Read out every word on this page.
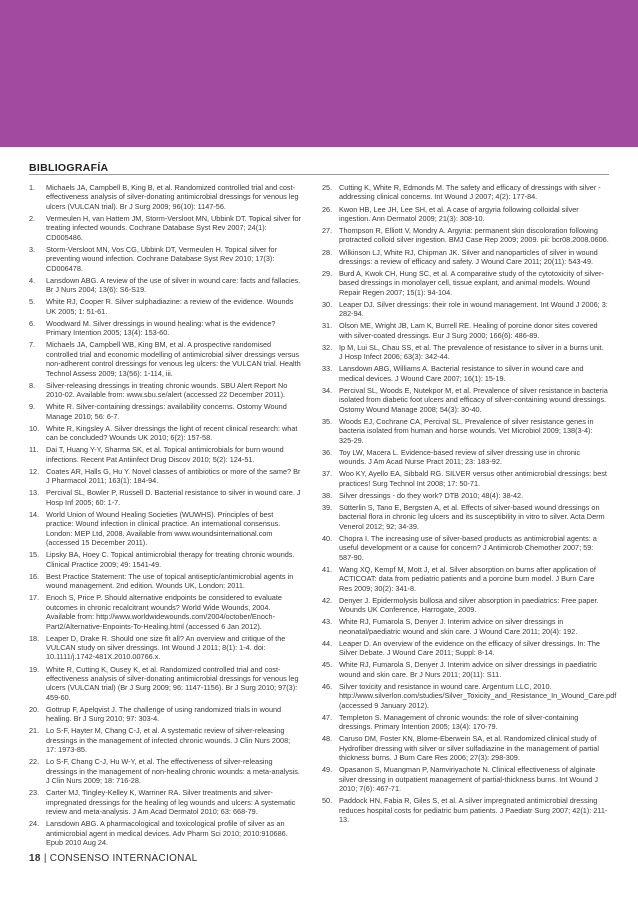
BIBLIOGRAFÍA
1.	Michaels JA, Campbell B, King B, et al. Randomized controlled trial and cost-effectiveness analysis of silver-donating antimicrobial dressings for venous leg ulcers (VULCAN trial). Br J Surg 2009; 96(10): 1147-56.
2.	Vermeulen H, van Hattem JM, Storm-Versloot MN, Ubbink DT. Topical silver for treating infected wounds. Cochrane Database Syst Rev 2007; 24(1): CD005486.
3.	Storm-Versloot MN, Vos CG, Ubbink DT, Vermeulen H. Topical silver for preventing wound infection. Cochrane Database Syst Rev 2010; 17(3): CD006478.
4.	Lansdown ABG. A review of the use of silver in wound care: facts and fallacies. Br J Nurs 2004; 13(6): S6-S19.
5.	White RJ, Cooper R. Silver sulphadiazine: a review of the evidence. Wounds UK 2005; 1: 51-61.
6.	Woodward M. Silver dressings in wound healing: what is the evidence? Primary Intention 2005; 13(4): 153-60.
7.	Michaels JA, Campbell WB, King BM, et al. A prospective randomised controlled trial and economic modelling of antimicrobial silver dressings versus non-adherent control dressings for venous leg ulcers: the VULCAN trial. Health Technol Assess 2009; 13(56): 1-114, iii.
8.	Silver-releasing dressings in treating chronic wounds. SBU Alert Report No 2010-02. Available from: www.sbu.se/alert (accessed 22 December 2011).
9.	White R. Silver-containing dressings: availability concerns. Ostomy Wound Manage 2010; 56: 6-7.
10. White R, Kingsley A. Silver dressings the light of recent clinical research: what can be concluded? Wounds UK 2010; 6(2): 157-58.
11.	Dai T, Huang Y-Y, Sharma SK, et al. Topical antimicrobials for burn wound infections. Recent Pat Antiinfect Drug Discov 2010; 5(2): 124-51.
12. Coates AR, Halls G, Hu Y. Novel classes of antibiotics or more of the same? Br J Pharmacol 2011; 163(1): 184-94.
13. Percival SL, Bowler P, Russell D. Bacterial resistance to silver in wound care. J Hosp Inf 2005; 60: 1-7.
14. World Union of Wound Healing Societies (WUWHS). Principles of best practice: Wound infection in clinical practice. An international consensus. London: MEP Ltd, 2008. Available from www.woundsinternational.com (accessed 15 December 2011).
15. Lipsky BA, Hoey C. Topical antimicrobial therapy for treating chronic wounds. Clinical Practice 2009; 49: 1541-49.
16. Best Practice Statement: The use of topical antiseptic/antimicrobial agents in wound management. 2nd edition. Wounds UK, London: 2011.
17. Enoch S, Price P. Should alternative endpoints be considered to evaluate outcomes in chronic recalcitrant wounds? World Wide Wounds, 2004. Available from: http://www.worldwidewounds.com/2004/october/Enoch-Part2/Alternative-Enpoints-To-Healing.html (accessed 6 Jan 2012).
18. Leaper D, Drake R. Should one size fit all? An overview and critique of the VULCAN study on silver dressings. Int Wound J 2011; 8(1): 1-4. doi: 10.1111/j.1742-481X.2010.00766.x.
19. White R, Cutting K, Ousey K, et al. Randomized controlled trial and cost-effectiveness analysis of silver-donating antimicrobial dressings for venous leg ulcers (VULCAN trial) (Br J Surg 2009; 96: 1147-1156). Br J Surg 2010; 97(3): 459-60.
20. Gottrup F, Apelqvist J. The challenge of using randomized trials in wound healing. Br J Surg 2010; 97: 303-4.
21. Lo S-F, Hayter M, Chang C-J, et al. A systematic review of silver-releasing dressings in the management of infected chronic wounds. J Clin Nurs 2008; 17: 1973-85.
22. Lo S-F, Chang C-J, Hu W-Y, et al. The effectiveness of silver-releasing dressings in the management of non-healing chronic wounds: a meta-analysis. J Clin Nurs 2009; 18: 716-28.
23. Carter MJ, Tingley-Kelley K, Warriner RA. Silver treatments and silver-impregnated dressings for the healing of leg wounds and ulcers: A systematic review and meta-analysis. J Am Acad Dermatol 2010; 63: 668-79.
24. Lansdown ABG. A pharmacological and toxicological profile of silver as an antimicrobial agent in medical devices. Adv Pharm Sci 2010; 2010:910686. Epub 2010 Aug 24.
25. Cutting K, White R, Edmonds M. The safety and efficacy of dressings with silver - addressing clinical concerns. Int Wound J 2007; 4(2): 177-84.
26. Kwon HB, Lee JH, Lee SH, et al. A case of argyria following colloidal silver ingestion. Ann Dermatol 2009; 21(3): 308-10.
27. Thompson R, Elliott V, Mondry A. Argyria: permanent skin discoloration following protracted colloid silver ingestion. BMJ Case Rep 2009; 2009. pii: bcr08.2008.0606.
28. Wilkinson LJ, White RJ, Chipman JK. Silver and nanoparticles of silver in wound dressings: a review of efficacy and safety. J Wound Care 2011; 20(11): 543-49.
29. Burd A, Kwok CH, Hung SC, et al. A comparative study of the cytotoxicity of silver-based dressings in monolayer cell, tissue explant, and animal models. Wound Repair Regen 2007; 15(1): 94-104.
30. Leaper DJ. Silver dressings: their role in wound management. Int Wound J 2006; 3: 282-94.
31. Olson ME, Wright JB, Lam K, Burrell RE. Healing of porcine donor sites covered with silver-coated dressings. Eur J Surg 2000; 166(6): 486-89.
32. Ip M, Lui SL, Chau SS, et al. The prevalence of resistance to silver in a burns unit. J Hosp Infect 2006; 63(3): 342-44.
33. Lansdown ABG, Williams A. Bacterial resistance to silver in wound care and medical devices. J Wound Care 2007; 16(1): 15-19.
34. Percival SL, Woods E, Nutekpor M, et al. Prevalence of silver resistance in bacteria isolated from diabetic foot ulcers and efficacy of silver-containing wound dressings. Ostomy Wound Manage 2008; 54(3): 30-40.
35. Woods EJ, Cochrane CA, Percival SL. Prevalence of silver resistance genes in bacteria isolated from human and horse wounds. Vet Microbiol 2009; 138(3-4): 325-29.
36. Toy LW, Macera L. Evidence-based review of silver dressing use in chronic wounds. J Am Acad Nurse Pract 2011; 23: 183-92.
37. Woo KY, Ayello EA, Sibbald RG. SILVER versus other antimicrobial dressings: best practices! Surg Technol Int 2008; 17: 50-71.
38. Silver dressings - do they work? DTB 2010; 48(4): 38-42.
39. Sütterlin S, Tano E, Bergsten A, et al. Effects of silver-based wound dressings on bacterial flora in chronic leg ulcers and its susceptibility in vitro to silver. Acta Derm Venerol 2012; 92; 34-39.
40. Chopra I. The increasing use of silver-based products as antimicrobial agents: a useful development or a cause for concern? J Antimicrob Chemother 2007; 59: 587-90.
41. Wang XQ, Kempf M, Mott J, et al. Silver absorption on burns after application of ACTICOAT: data from pediatric patients and a porcine burn model. J Burn Care Res 2009; 30(2): 341-8.
42. Denyer J. Epidermolysis bullosa and silver absorption in paediatrics: Free paper. Wounds UK Conference, Harrogate, 2009.
43. White RJ, Fumarola S, Denyer J. Interim advice on silver dressings in neonatal/paediatric wound and skin care. J Wound Care 2011; 20(4): 192.
44. Leaper D. An overview of the evidence on the efficacy of silver dressings. In: The Silver Debate. J Wound Care 2011; Suppl: 8-14.
45. White RJ, Fumarola S, Denyer J. Interim advice on silver dressings in paediatric wound and skin care. Br J Nurs 2011; 20(11): S11.
46. Silver toxicity and resistance in wound care. Argentum LLC, 2010. http://www.silverlon.com/studies/Silver_Toxicity_and_Resistance_In_Wound_Care.pdf (accessed 9 January 2012).
47. Templeton S. Management of chronic wounds: the role of silver-containing dressings. Primary Intention 2005; 13(4): 170-79.
48. Caruso DM, Foster KN, Blome-Eberwein SA, et al. Randomized clinical study of Hydrofiber dressing with silver or silver sulfadiazine in the management of partial thickness burns. J Burn Care Res 2006; 27(3): 298-309.
49. Opasanon S, Muangman P, Namviriyachote N. Clinical effectiveness of alginate silver dressing in outpatient management of partial-thickness burns. Int Wound J 2010; 7(6): 467-71.
50. Paddock HN, Fabia R, Giles S, et al. A silver impregnated antimicrobial dressing reduces hospital costs for pediatric burn patients. J Paediatr Surg 2007; 42(1): 211-13.
18 | CONSENSO INTERNACIONAL
